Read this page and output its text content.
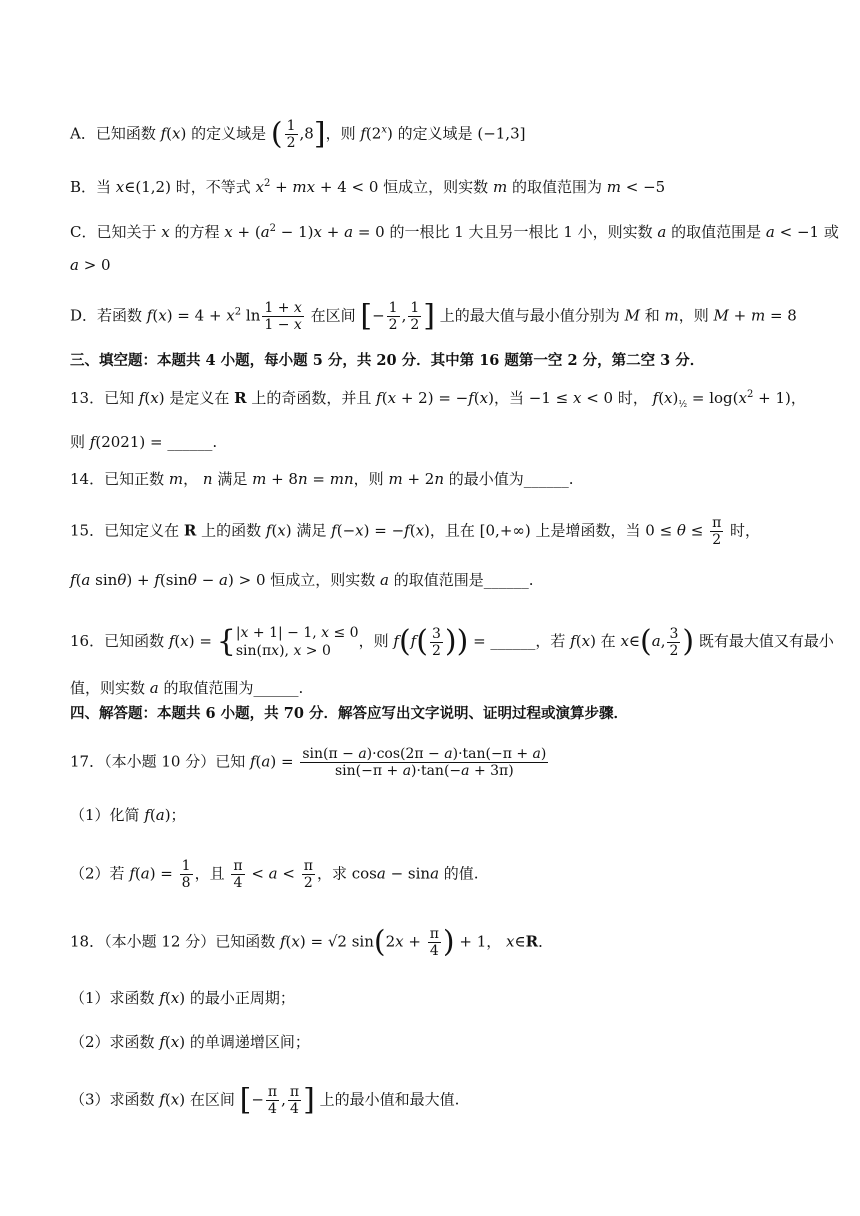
A．已知函数 f(x) 的定义域是 ( $\frac{1}{2} ,8$]，则 f(2$^x$) 的定义域是 (−1,3]
B．当 x∈(1,2) 时，不等式 $x^2$ + mx + 4 < 0 恒成立，则实数 m 的取值范围为 m < −5
C．已知关于 x 的方程 $x + (a^2 - 1)x + a = 0$ 的一根比 1 大且另一根比 1 小，则实数 a 的取值范围是 a < −1 或
a > 0
D．若函数 $f(x) = 4 + x^2$ $\ln \frac{1 + x}{1 - x}$ 在区间 [− $\frac{1}{2}$ , $\frac{1}{2}$ ] 上的最大值与最小值分别为 M 和 m，则 M + m = 8
三、填空题：本题共 4 小题，每小题 5 分，共 20 分．其中第 16 题第一空 2 分，第二空 3 分．
13．已知 f(x) 是定义在 R 上的奇函数，并且 f(x + 2) = −f(x)，当 −1 ≤ x < 0 时， $f(x)_{\frac{1}{2}} = \log(x^2 + 1)$，
则 f(2021) = ______.
14．已知正数 m， n 满足 m + 8n = mn，则 m + 2n 的最小值为______.
15．已知定义在 R 上的函数 f(x) 满足 f(−x) = −f(x)，且在 [0,+∞) 上是增函数，当 $0 \le \theta \le \frac{\pi}{2}$ 时，
f(a sinθ) + f(sinθ − a) > 0 恒成立，则实数 a 的取值范围是______.
16．已知函数 f(x) = { |x + 1| − 1, x ≤ 0
sin(πx), x > 0
，则 $f(f( \frac{3}{2}$ )) = ______，若 f(x) 在 x∈(a, $\frac{3}{2}$ ) 既有最大值又有最小
值，则实数 a 的取值范围为______.
四、解答题：本题共 6 小题，共 70 分．解答应写出文字说明、证明过程或演算步骤．
17．（本小题 10 分）已知 $f(a) = \frac{\sin(\pi - a)\cdot\cos(2\pi - a)\cdot\tan(-\pi + a)}{\sin(-\pi + a)\cdot\tan(-a + 3\pi)}$
（1）化简 f(a)；
（2）若 $f(a) = \frac{1}{8}$ ，且 $\frac{\pi}{4} < a < \frac{\pi}{2}$ ，求 cosa − sina 的值.
18．（本小题 12 分）已知函数 f(x) = √2 $\sin(2x + \frac{\pi}{4}$ ) + 1， x∈R．
（1）求函数 f(x) 的最小正周期；
（2）求函数 f(x) 的单调递增区间；
（3）求函数 f(x) 在区间 [− $\frac{\pi}{4}$ , $\frac{\pi}{4}$ ] 上的最小值和最大值.
